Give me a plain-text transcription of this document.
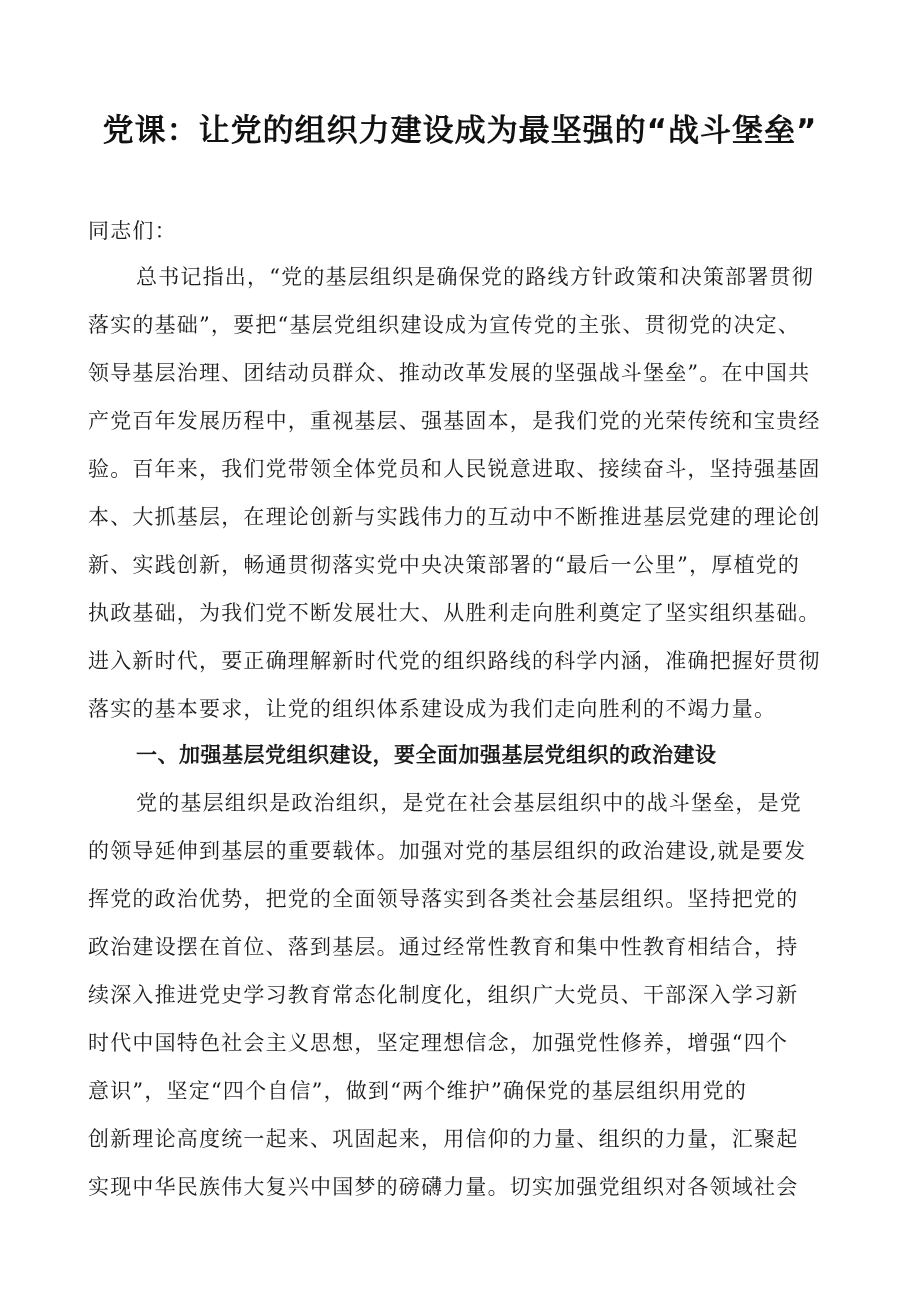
党课：让党的组织力建设成为最坚强的“战斗堡垒”

同志们：

总书记指出，“党的基层组织是确保党的路线方针政策和决策部署贯彻

落实的基础”，要把“基层党组织建设成为宣传党的主张、贯彻党的决定、

领导基层治理、团结动员群众、推动改革发展的坚强战斗堡垒”。在中国共

产党百年发展历程中，重视基层、强基固本，是我们党的光荣传统和宝贵经

验。百年来，我们党带领全体党员和人民锐意进取、接续奋斗，坚持强基固

本、大抓基层，在理论创新与实践伟力的互动中不断推进基层党建的理论创

新、实践创新，畅通贯彻落实党中央决策部署的“最后一公里”，厚植党的

执政基础，为我们党不断发展壮大、从胜利走向胜利奠定了坚实组织基础。

进入新时代，要正确理解新时代党的组织路线的科学内涵，准确把握好贯彻

落实的基本要求，让党的组织体系建设成为我们走向胜利的不竭力量。

一、加强基层党组织建设，要全面加强基层党组织的政治建设

党的基层组织是政治组织，是党在社会基层组织中的战斗堡垒，是党

的领导延伸到基层的重要载体。加强对党的基层组织的政治建设,就是要发

挥党的政治优势，把党的全面领导落实到各类社会基层组织。坚持把党的

政治建设摆在首位、落到基层。通过经常性教育和集中性教育相结合，持

续深入推进党史学习教育常态化制度化，组织广大党员、干部深入学习新

时代中国特色社会主义思想，坚定理想信念，加强党性修养，增强“四个

意识”，坚定“四个自信”，做到“两个维护”确保党的基层组织用党的

创新理论高度统一起来、巩固起来，用信仰的力量、组织的力量，汇聚起

实现中华民族伟大复兴中国梦的磅礴力量。切实加强党组织对各领域社会
